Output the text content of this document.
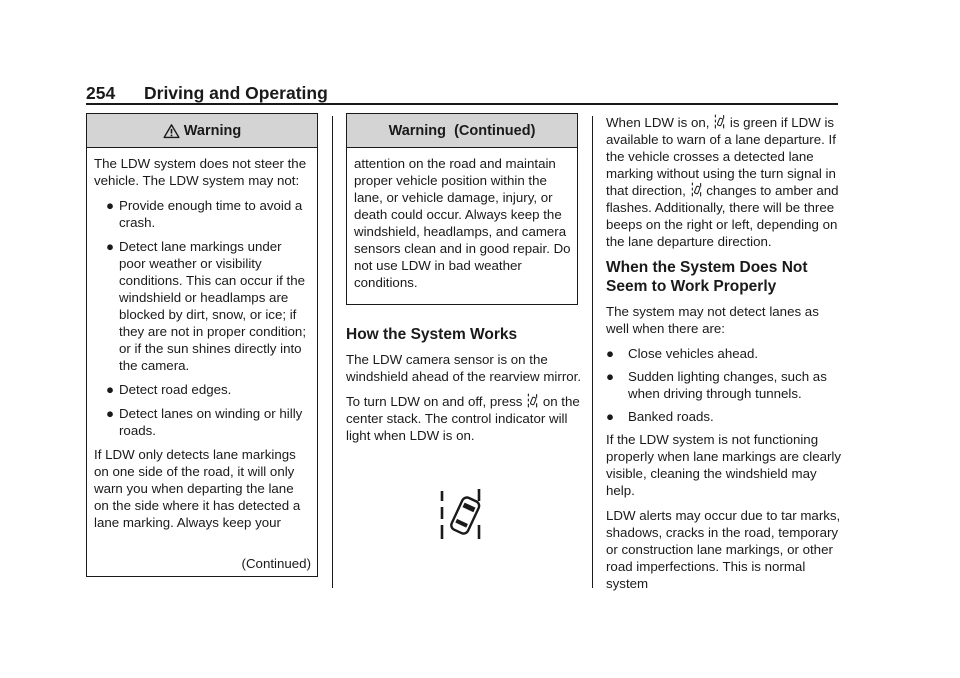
254 Driving and Operating
Warning

The LDW system does not steer the vehicle. The LDW system may not:

● Provide enough time to avoid a crash.
● Detect lane markings under poor weather or visibility conditions. This can occur if the windshield or headlamps are blocked by dirt, snow, or ice; if they are not in proper condition; or if the sun shines directly into the camera.
● Detect road edges.
● Detect lanes on winding or hilly roads.

If LDW only detects lane markings on one side of the road, it will only warn you when departing the lane on the side where it has detected a lane marking. Always keep your

(Continued)
Warning  (Continued)

attention on the road and maintain proper vehicle position within the lane, or vehicle damage, injury, or death could occur. Always keep the windshield, headlamps, and camera sensors clean and in good repair. Do not use LDW in bad weather conditions.

How the System Works

The LDW camera sensor is on the windshield ahead of the rearview mirror.

To turn LDW on and off, press on the center stack. The control indicator will light when LDW is on.

When LDW is on, is green if LDW is available to warn of a lane departure. If the vehicle crosses a detected lane marking without using the turn signal in that direction, changes to amber and flashes. Additionally, there will be three beeps on the right or left, depending on the lane departure direction.

When the System Does Not Seem to Work Properly

The system may not detect lanes as well when there are:

●	Close vehicles ahead.
●	Sudden lighting changes, such as when driving through tunnels.
●	Banked roads.

If the LDW system is not functioning properly when lane markings are clearly visible, cleaning the windshield may help.

LDW alerts may occur due to tar marks, shadows, cracks in the road, temporary or construction lane markings, or other road imperfections. This is normal system
